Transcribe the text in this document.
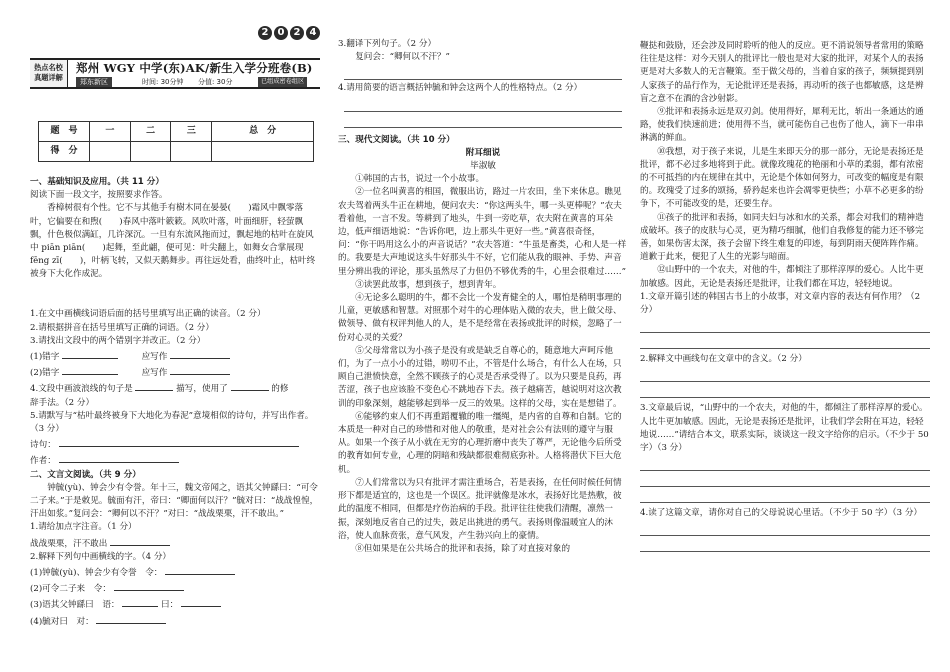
2 0 2 4
热点名校
真题详解
郑州 WGY 中学(东)AK/新生入学分班卷(B)
郑东新区	时间: 30分钟 分值: 30分	已组成密卷组区
题　号	一	二	三	总　分
得　分				

一、基础知识及应用。（共 11 分）

阅读下面一段文字，按照要求作答。

香樟树很有个性。它不与其他手有樹木同在晏晏(　　)霜风中飘零落叶，它偏要在和煦(　　)春风中落叶簌簌。风吹叶落，叶面细肝，轻萤飘飘，什色极似满缸，几许深沉。一旦有东流风拖而过，飘起地的枯叶在旋风中 piān piān(　　)起舞，至此翩，便可见：叶尖翻上，如舞女合掌展现 fēng zī(　　)，叶柄飞转，又似天鹅舞步。再往远处看，曲终叶止，枯叶终被身下大化作成泥。

1.在文中画横线词语后面的括号里填写出正确的读音。（2 分）

2.请根据拼音在括号里填写正确的词语。（2 分）

3.请找出文段中的两个错别字并改正。（2 分）

(1)错字	应写作

(2)错字	应写作

4.文段中画波浪线的句子是	描写，使用了	的修

辞手法。（2 分）

5.请默写与“枯叶最终被身下大地化为春泥”意境相似的诗句，并写出作者。（3 分）

诗句：

作者：

二、文言文阅读。（共 9 分）

钟毓(yù)、钟会少有令誉。年十三，魏文帝闻之，语其父钟繇曰：“可令二子来。”于是敕见。毓面有汗，帝曰：“卿面何以汗？”毓对曰：“战战惶惶，汗出如浆。”复问会：“卿何以不汗？”对曰：“战战栗栗，汗不敢出。”

1.请给加点字注音。（1 分）

战战栗栗，汗不敢出

2.解释下列句中画横线的字。（4 分）

(1)钟毓(yù)、钟会少有令誉　令：

(2)可令二子来　令：

(3)语其父钟繇曰　语：	曰：

(4)毓对曰　对：

3.翻译下列句子。（2 分）

复问会：“卿何以不汗？”

4.请用简要的语言概括钟毓和钟会这两个人的性格特点。（2 分）

三、现代文阅读。（共 10 分）

附耳细说

毕淑敏

①韩国的古书，说过一个小故事。

②一位名叫黄喜的相国，微服出访，路过一片农田，坐下来休息。瞧见农夫驾着两头牛正在耕地，便问农夫：“你这两头牛，哪一头更棒呢？”农夫看着他，一言不发。等耕到了地头，牛到一旁吃草，农夫附在黄喜的耳朵边，低声细语地说：“告诉你吧，边上那头牛更好一些。”黄喜很奇怪，问：“你干吗用这么小的声音说话？”农夫答道：“牛虽是畜类，心和人是一样的。我要是大声地说这头牛好那头牛不好，它们能从我的眼神、手势、声音里分辨出我的评论，那头虽然尽了力但仍不够优秀的牛，心里会很难过……”

③读罢此故事，想到孩子，想到青年。

④无论多么聪明的牛，都不会比一个发育健全的人，哪怕是稍明事理的儿童，更敏感和智慧。对照那个对牛的心理体贴入微的农夫，世上做父母、做领导、做有权评判他人的人，是不是经常在表扬或批评的时候，忽略了一份对心灵的关爱？

⑤父母常常以为小孩子是没有或是缺乏自尊心的，随意地大声呵斥他们，为了一点小小的过错，唠叨不止，不管是什么场合，有什么人在场，只顾自己泄愤快意，全然不顾孩子的心灵是否承受得了。以为只要是良药，再苦涩，孩子也应该脸不变色心不跳地吞下去。孩子越痛苦，越说明对这次教训的印象深刻，越能够起到举一反三的效果。这样的父母，实在是想错了。

⑥能够约束人们不再重蹈覆辙的唯一缰绳，是内省的自尊和自制。它的本质是一种对自己的珍惜和对他人的敬重，是对社会公有法则的遵守与服从。如果一个孩子从小就在无穷的心理折磨中丧失了尊严，无论他今后所受的教育如何专业，心理的阴暗和残缺都很难彻底弥补。人格将潜伏下巨大危机。

⑦人们常常以为只有批评才需注重场合，若是表扬，在任何时候任何情形下都是适宜的，这也是一个误区。批评就像是冰水，表扬好比是热敷，彼此的温度不相同，但都是疗伤治病的手段。批评往往使我们清醒，凛然一振，深刻地反省自己的过失，鼓足出挑进的勇气。表扬则像温暖宜人的沐浴，使人血脉贲张，意气风发，产生勃兴向上的豪情。

⑧但如果是在公共场合的批评和表扬，除了对直接对象的

鞭挞和鼓励，还会涉及同时聆听的他人的反应。更不消说领导者常用的策略往往是这样：对今天别人的批评比一般也是对大家的批评，对某个人的表扬更是对大多数人的无言鞭策。至于做父母的，当着自家的孩子，频频提到别人家孩子的品行作为，无论批评还是表扬，再动听的孩子也都敏感，这是辨盲之意不在酒的含沙射影。

⑨批评和表扬永远是双刃剑。使用得好，犀利无比，斩出一条通达的通路，使我们快速前进；使用得不当，就可能伤自己也伤了他人，滴下一串串淋漓的鲜血。

⑩我想，对于孩子来说，儿是生来即天分的那一部分，无论是表扬还是批评，都不必过多地将到于此。就像玫瑰花的艳丽和小草的柔弱，都有浓密的不可抵挡的内在规律在其中，无论是个体如何努力，可改变的幅度是有限的。玫瑰受了过多的颂扬，骄矜起来也许会凋零更快些；小草不必更多的纷争下，不可能改变的是，还要生存。

⑪孩子的批评和表扬，如同夫妇与冰和水的关系，都会对我们的精神造成破坏。孩子的皮肤与心灵，更为精巧细腻，他们自我修复的能力还不够完善，如果伤害太深，孩子会留下终生难复的印迹，每到阴雨天便阵阵作痛。道歉于此来，便犯了人生的光影与暗面。

⑫山野中的一个农夫，对他的牛，都倾注了那样淳厚的爱心。人比牛更加敏感。因此，无论是表扬还是批评，让我们都在耳边，轻轻地说。

1.文章开篇引述的韩国古书上的小故事，对文章内容的表达有何作用？（2 分）

2.解释文中画线句在文章中的含义。（2 分）

3.文章最后说，“山野中的一个农夫，对他的牛，都倾注了那样淳厚的爱心。人比牛更加敏感。因此，无论是表扬还是批评，让我们学会附在耳边，轻轻地说……”请结合本文，联系实际，谈谈这一段文字给你的启示。（不少于 50 字）（3 分）

4.读了这篇文章，请你对自己的父母说说心里话。（不少于 50 字）（3 分）
